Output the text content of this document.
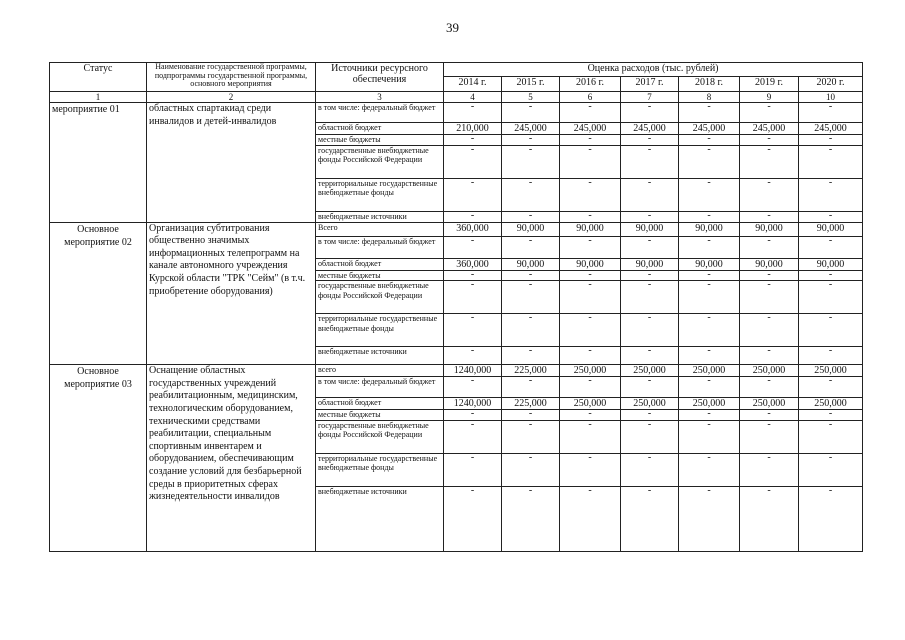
39
Статус	Наименование государственной программы, подпрограммы государственной программы, основного мероприятия	Источники ресурсного обеспечения	Оценка расходов (тыс. рублей)						
			2014 г.	2015 г.	2016 г.	2017 г.	2018 г.	2019 г.	2020 г.
1	2	3	4	5	6	7	8	9	10
мероприятие 01	областных спартакиад среди инвалидов и детей-инвалидов	в том числе: федеральный бюджет	-	-	-	-	-	-	-
		областной бюджет	210,000	245,000	245,000	245,000	245,000	245,000	245,000
		местные бюджеты	-	-	-	-	-	-	-
		государственные внебюджетные фонды Российской Федерации	-	-	-	-	-	-	-
		территориальные государственные внебюджетные фонды	-	-	-	-	-	-	-
		внебюджетные источники	-	-	-	-	-	-	-
Основное мероприятие 02	Организация субтитрования общественно значимых информационных телепрограмм на канале автономного учреждения Курской области "ТРК "Сейм" (в т.ч. приобретение оборудования)	Всего	360,000	90,000	90,000	90,000	90,000	90,000	90,000
		в том числе: федеральный бюджет	-	-	-	-	-	-	-
		областной бюджет	360,000	90,000	90,000	90,000	90,000	90,000	90,000
		местные бюджеты	-	-	-	-	-	-	-
		государственные внебюджетные фонды Российской Федерации	-	-	-	-	-	-	-
		территориальные государственные внебюджетные фонды	-	-	-	-	-	-	-
		внебюджетные источники	-	-	-	-	-	-	-
Основное мероприятие 03	Оснащение областных государственных учреждений реабилитационным, медицинским, технологическим оборудованием, техническими средствами реабилитации, специальным спортивным инвентарем и оборудованием, обеспечивающим создание условий для безбарьерной среды в приоритетных сферах жизнедеятельности инвалидов	всего	1240,000	225,000	250,000	250,000	250,000	250,000	250,000
		в том числе: федеральный бюджет	-	-	-	-	-	-	-
		областной бюджет	1240,000	225,000	250,000	250,000	250,000	250,000	250,000
		местные бюджеты	-	-	-	-	-	-	-
		государственные внебюджетные фонды Российской Федерации	-	-	-	-	-	-	-
		территориальные государственные внебюджетные фонды	-	-	-	-	-	-	-
		внебюджетные источники	-	-	-	-	-	-	-
